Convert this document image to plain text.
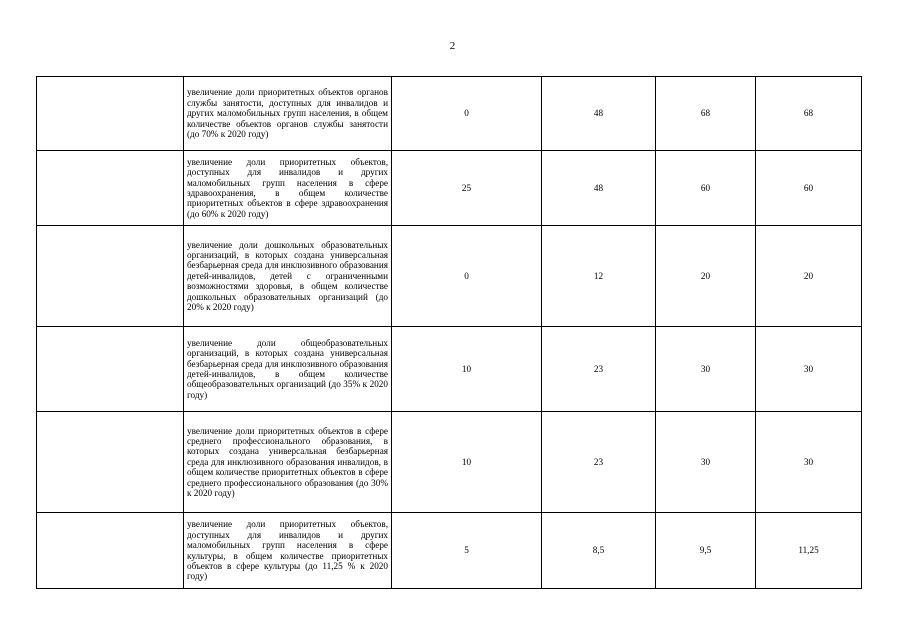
2
	увеличение доли приоритетных объектов органов службы занятости, доступных для инвалидов и других маломобильных групп населения, в общем количестве объектов органов службы занятости (до 70% к 2020 году)	0	48	68	68
	увеличение доли приоритетных объектов, доступных для инвалидов и других маломобильных групп населения в сфере здравоохранения, в общем количестве приоритетных объектов в сфере здравоохранения (до 60% к 2020 году)	25	48	60	60
	увеличение доли дошкольных образовательных организаций, в которых создана универсальная безбарьерная среда для инклюзивного образования детей-инвалидов, детей с ограниченными возможностями здоровья, в общем количестве дошкольных образовательных организаций (до 20% к 2020 году)	0	12	20	20
	увеличение доли общеобразовательных организаций, в которых создана универсальная безбарьерная среда для инклюзивного образования детей-инвалидов, в общем количестве общеобразовательных организаций (до 35% к 2020 году)	10	23	30	30
	увеличение доли приоритетных объектов в сфере среднего профессионального образования, в которых создана универсальная безбарьерная среда для инклюзивного образования инвалидов, в общем количестве приоритетных объектов в сфере среднего профессионального образования (до 30% к 2020 году)	10	23	30	30
	увеличение доли приоритетных объектов, доступных для инвалидов и других маломобильных групп населения в сфере культуры, в общем количестве приоритетных объектов в сфере культуры (до 11,25 % к 2020 году)	5	8,5	9,5	11,25
